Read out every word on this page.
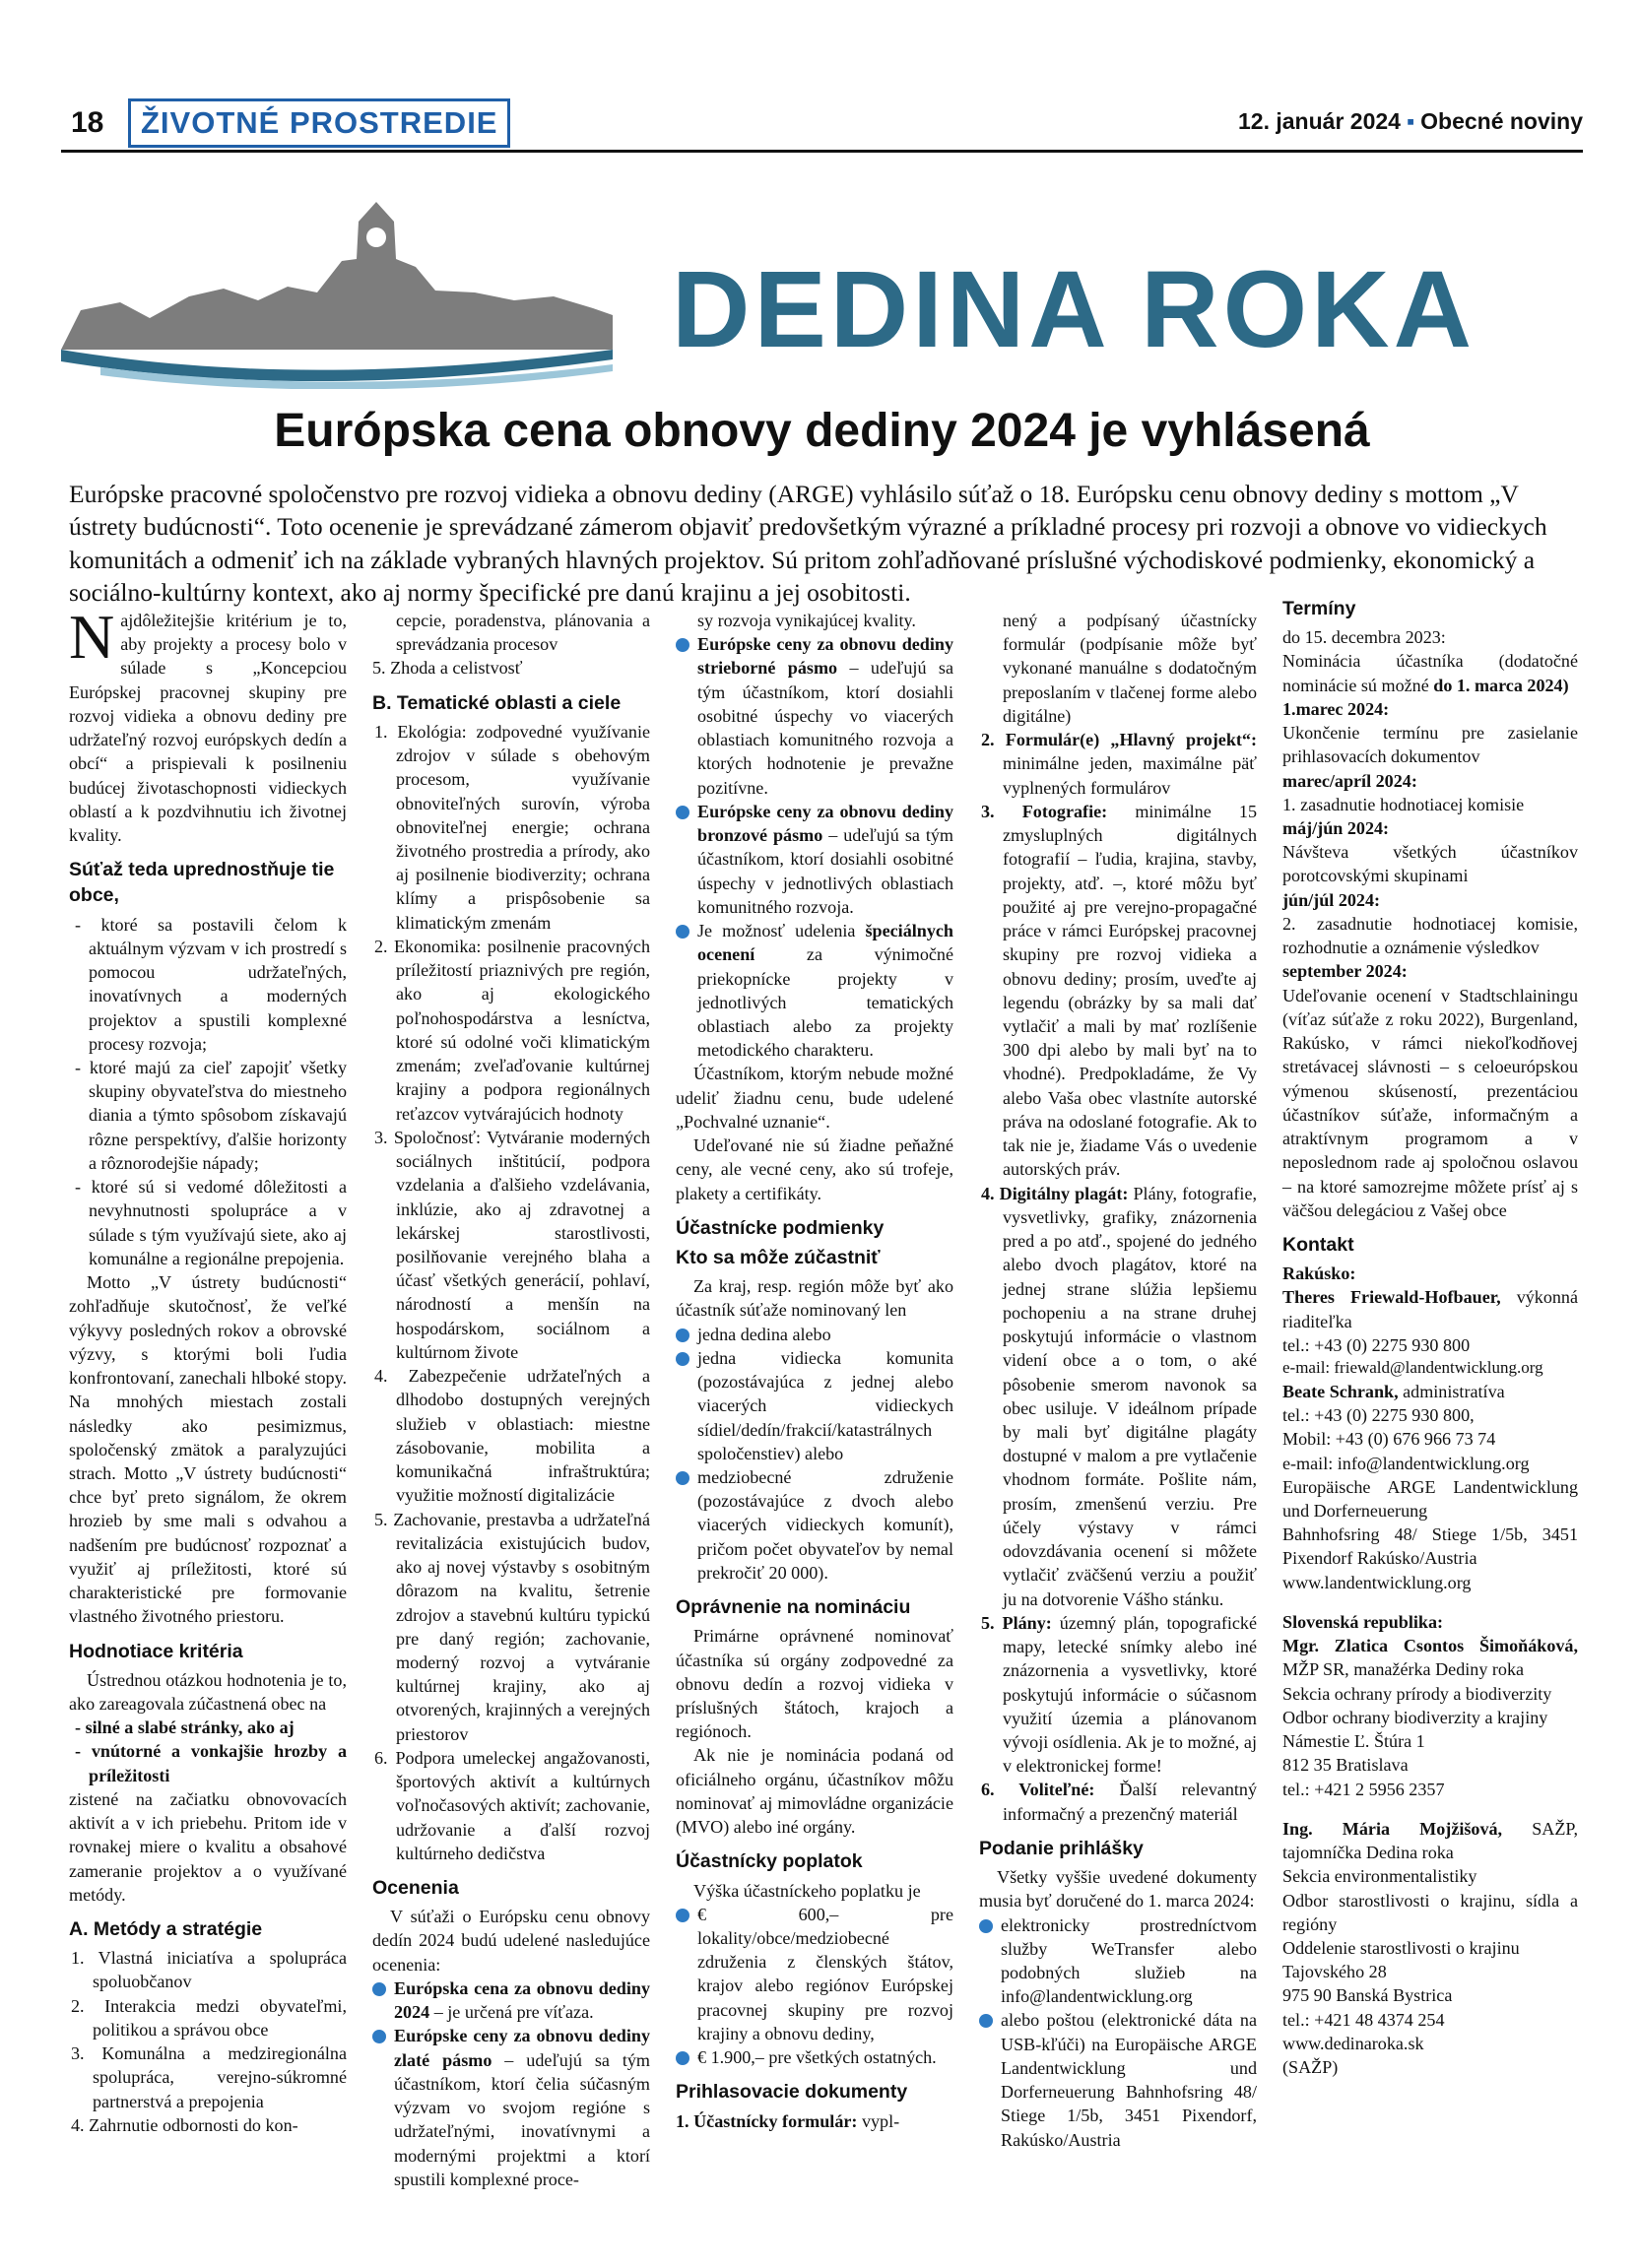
18	ŽIVOTNÉ PROSTREDIE	12. január 2024 ▪ Obecné noviny
DEDINA ROKA
Európska cena obnovy dediny 2024 je vyhlásená
Európske pracovné spoločenstvo pre rozvoj vidieka a obnovu dediny (ARGE) vyhlásilo súťaž o 18. Európsku cenu obnovy dediny s mottom „V ústrety budúcnosti“. Toto ocenenie je sprevádzané zámerom objaviť predovšetkým výrazné a príkladné procesy pri rozvoji a obnove vo vidieckych komunitách a odmeniť ich na základe vybraných hlavných projektov. Sú pritom zohľadňované príslušné východiskové podmienky, ekonomický a sociálno-kultúrny kontext, ako aj normy špecifické pre danú krajinu a jej osobitosti.

Najdôležitejšie kritérium je to, aby projekty a procesy bolo v súlade s „Koncepciou Európskej pracovnej skupiny pre rozvoj vidieka a obnovu dediny pre udržateľný rozvoj európskych dedín a obcí“ a prispievali k posilneniu budúcej životaschopnosti vidieckych oblastí a k pozdvihnutiu ich životnej kvality.

Súťaž teda uprednostňuje tie obce,
- ktoré sa postavili čelom k aktuálnym výzvam v ich prostredí s pomocou udržateľných, inovatívnych a moderných projektov a spustili komplexné procesy rozvoja;
- ktoré majú za cieľ zapojiť všetky skupiny obyvateľstva do miestneho diania a týmto spôsobom získavajú rôzne perspektívy, ďalšie horizonty a rôznorodejšie nápady;
- ktoré sú si vedomé dôležitosti a nevyhnutnosti spolupráce a v súlade s tým využívajú siete, ako aj komunálne a regionálne prepojenia.

Motto „V ústrety budúcnosti“ zohľadňuje skutočnosť, že veľké výkyvy posledných rokov a obrovské výzvy, s ktorými boli ľudia konfrontovaní, zanechali hlboké stopy. Na mnohých miestach zostali následky ako pesimizmus, spoločenský zmätok a paralyzujúci strach. Motto „V ústrety budúcnosti“ chce byť preto signálom, že okrem hrozieb by sme mali s odvahou a nadšením pre budúcnosť rozpoznať a využiť aj príležitosti, ktoré sú charakteristické pre formovanie vlastného životného priestoru.

Hodnotiace kritéria

Ústrednou otázkou hodnotenia je to, ako zareagovala zúčastnená obec na

- silné a slabé stránky, ako aj
- vnútorné a vonkajšie hrozby a príležitosti

zistené na začiatku obnovovacích aktivít a v ich priebehu. Pritom ide v rovnakej miere o kvalitu a obsahové zameranie projektov a o využívané metódy.

A. Metódy a stratégie
1. Vlastná iniciatíva a spolupráca spoluobčanov
2. Interakcia medzi obyvateľmi, politikou a správou obce
3. Komunálna a medziregionálna spolupráca, verejno-súkromné partnerstvá a prepojenia
4. Zahrnutie odbornosti do kon-

cepcie, poradenstva, plánovania a sprevádzania procesov

5. Zhoda a celistvosť

B. Tematické oblasti a ciele
1. Ekológia: zodpovedné využívanie zdrojov v súlade s obehovým procesom, využívanie obnoviteľných surovín, výroba obnoviteľnej energie; ochrana životného prostredia a prírody, ako aj posilnenie biodiverzity; ochrana klímy a prispôsobenie sa klimatickým zmenám
2. Ekonomika: posilnenie pracovných príležitostí priaznivých pre región, ako aj ekologického poľnohospodárstva a lesníctva, ktoré sú odolné voči klimatickým zmenám; zveľaďovanie kultúrnej krajiny a podpora regionálnych reťazcov vytvárajúcich hodnoty
3. Spoločnosť: Vytváranie moderných sociálnych inštitúcií, podpora vzdelania a ďalšieho vzdelávania, inklúzie, ako aj zdravotnej a lekárskej starostlivosti, posilňovanie verejného blaha a účasť všetkých generácií, pohlaví, národností a menšín na hospodárskom, sociálnom a kultúrnom živote
4. Zabezpečenie udržateľných a dlhodobo dostupných verejných služieb v oblastiach: miestne zásobovanie, mobilita a komunikačná infraštruktúra; využitie možností digitalizácie
5. Zachovanie, prestavba a udržateľná revitalizácia existujúcich budov, ako aj novej výstavby s osobitným dôrazom na kvalitu, šetrenie zdrojov a stavebnú kultúru typickú pre daný región; zachovanie, moderný rozvoj a vytváranie kultúrnej krajiny, ako aj otvorených, krajinných a verejných priestorov
6. Podpora umeleckej angažovanosti, športových aktivít a kultúrnych voľnočasových aktivít; zachovanie, udržovanie a ďalší rozvoj kultúrneho dedičstva
Ocenenia

V súťaži o Európsku cenu obnovy dedín 2024 budú udelené nasledujúce ocenenia:

Európska cena za obnovu dediny 2024 – je určená pre víťaza.
Európske ceny za obnovu dediny zlaté pásmo – udeľujú sa tým účastníkom, ktorí čelia súčasným výzvam vo svojom regióne s udržateľnými, inovatívnymi a modernými projektmi a ktorí spustili komplexné proce-

sy rozvoja vynikajúcej kvality.

Európske ceny za obnovu dediny strieborné pásmo – udeľujú sa tým účastníkom, ktorí dosiahli osobitné úspechy vo viacerých oblastiach komunitného rozvoja a ktorých hodnotenie je prevažne pozitívne.
Európske ceny za obnovu dediny bronzové pásmo – udeľujú sa tým účastníkom, ktorí dosiahli osobitné úspechy v jednotlivých oblastiach komunitného rozvoja.
Je možnosť udelenia špeciálnych ocenení za výnimočné priekopnícke projekty v jednotlivých tematických oblastiach alebo za projekty metodického charakteru.

Účastníkom, ktorým nebude možné udeliť žiadnu cenu, bude udelené „Pochvalné uznanie“.

Udeľované nie sú žiadne peňažné ceny, ale vecné ceny, ako sú trofeje, plakety a certifikáty.

Účastnícke podmienky
Kto sa môže zúčastniť

Za kraj, resp. región môže byť ako účastník súťaže nominovaný len

jedna dedina alebo
jedna vidiecka komunita (pozostávajúca z jednej alebo viacerých vidieckych sídiel/dedín/frakcií/katastrálnych spoločenstiev) alebo
medziobecné združenie (pozostávajúce z dvoch alebo viacerých vidieckych komunít), pričom počet obyvateľov by nemal prekročiť 20 000).
Oprávnenie na nomináciu

Primárne oprávnené nominovať účastníka sú orgány zodpovedné za obnovu dedín a rozvoj vidieka v príslušných štátoch, krajoch a regiónoch.

Ak nie je nominácia podaná od oficiálneho orgánu, účastníkov môžu nominovať aj mimovládne organizácie (MVO) alebo iné orgány.

Účastnícky poplatok

Výška účastníckeho poplatku je

€ 600,– pre lokality/obce/medziobecné združenia z členských štátov, krajov alebo regiónov Európskej pracovnej skupiny pre rozvoj krajiny a obnovu dediny,
€ 1.900,– pre všetkých ostatných.
Prihlasovacie dokumenty

1. Účastnícky formulár: vypl-

nený a podpísaný účastnícky formulár (podpísanie môže byť vykonané manuálne s dodatočným preposlaním v tlačenej forme alebo digitálne)

2. Formulár(e) „Hlavný projekt“: minimálne jeden, maximálne päť vyplnených formulárov
3. Fotografie: minimálne 15 zmysluplných digitálnych fotografií – ľudia, krajina, stavby, projekty, atď. –, ktoré môžu byť použité aj pre verejno-propagačné práce v rámci Európskej pracovnej skupiny pre rozvoj vidieka a obnovu dediny; prosím, uveďte aj legendu (obrázky by sa mali dať vytlačiť a mali by mať rozlíšenie 300 dpi alebo by mali byť na to vhodné). Predpokladáme, že Vy alebo Vaša obec vlastníte autorské práva na odoslané fotografie. Ak to tak nie je, žiadame Vás o uvedenie autorských práv.
4. Digitálny plagát: Plány, fotografie, vysvetlivky, grafiky, znázornenia pred a po atď., spojené do jedného alebo dvoch plagátov, ktoré na jednej strane slúžia lepšiemu pochopeniu a na strane druhej poskytujú informácie o vlastnom videní obce a o tom, o aké pôsobenie smerom navonok sa obec usiluje. V ideálnom prípade by mali byť digitálne plagáty dostupné v malom a pre vytlačenie vhodnom formáte. Pošlite nám, prosím, zmenšenú verziu. Pre účely výstavy v rámci odovzdávania ocenení si môžete vytlačiť zväčšenú verziu a použiť ju na dotvorenie Vášho stánku.
5. Plány: územný plán, topografické mapy, letecké snímky alebo iné znázornenia a vysvetlivky, ktoré poskytujú informácie o súčasnom využití územia a plánovanom vývoji osídlenia. Ak je to možné, aj v elektronickej forme!
6. Voliteľné: Ďalší relevantný informačný a prezenčný materiál
Podanie prihlášky

Všetky vyššie uvedené dokumenty musia byť doručené do 1. marca 2024:

elektronicky prostredníctvom služby WeTransfer alebo podobných služieb na info@landentwicklung.org
alebo poštou (elektronické dáta na USB-kľúči) na Europäische ARGE Landentwicklung und Dorferneuerung Bahnhofsring 48/ Stiege 1/5b, 3451 Pixendorf, Rakúsko/Austria
Termíny

do 15. decembra 2023:

Nominácia účastníka (dodatočné nominácie sú možné do 1. marca 2024)

1.marec 2024:

Ukončenie termínu pre zasielanie prihlasovacích dokumentov

marec/apríl 2024:

1. zasadnutie hodnotiacej komisie

máj/jún 2024:

Návšteva všetkých účastníkov porotcovskými skupinami

jún/júl 2024:

2. zasadnutie hodnotiacej komisie, rozhodnutie a oznámenie výsledkov

september 2024:

Udeľovanie ocenení v Stadtschlainingu (víťaz súťaže z roku 2022), Burgenland, Rakúsko, v rámci niekoľkodňovej stretávacej slávnosti – s celoeurópskou výmenou skúseností, prezentáciou účastníkov súťaže, informačným a atraktívnym programom a v neposlednom rade aj spoločnou oslavou – na ktoré samozrejme môžete prísť aj s väčšou delegáciou z Vašej obce

Kontakt

Rakúsko:

Theres Friewald-Hofbauer, výkonná riaditeľka

tel.: +43 (0) 2275 930 800

e-mail: friewald@landentwicklung.org

Beate Schrank, administratíva

tel.: +43 (0) 2275 930 800,

Mobil: +43 (0) 676 966 73 74

e-mail: info@landentwicklung.org

Europäische ARGE Landentwicklung und Dorferneuerung

Bahnhofsring 48/ Stiege 1/5b, 3451 Pixendorf Rakúsko/Austria

www.landentwicklung.org

Slovenská republika:

Mgr. Zlatica Csontos Šimoňáková, MŽP SR, manažérka Dediny roka

Sekcia ochrany prírody a biodiverzity

Odbor ochrany biodiverzity a krajiny

Námestie Ľ. Štúra 1

812 35 Bratislava

tel.: +421 2 5956 2357

Ing. Mária Mojžišová, SAŽP, tajomníčka Dedina roka

Sekcia environmentalistiky

Odbor starostlivosti o krajinu, sídla a regióny

Oddelenie starostlivosti o krajinu

Tajovského 28

975 90 Banská Bystrica

tel.: +421 48 4374 254

www.dedinaroka.sk

(SAŽP)
